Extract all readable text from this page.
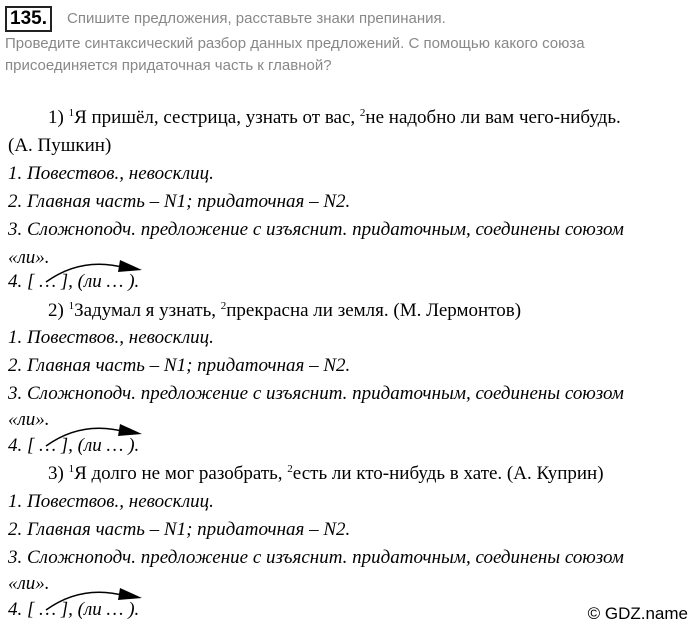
135.	Спишите предложения, расставьте знаки препинания.

Проведите синтаксический разбор данных предложений. С помощью какого союза присоединяется придаточная часть к главной?

1) $^1$Я пришёл, сестрица, узнать от вас, $^2$не надобно ли вам чего-нибудь.
(А. Пушкин)
1. Повествов., невосклиц.
2. Главная часть – N1; придаточная – N2.
3. Сложноподч. предложение с изъяснит. придаточным, соединены союзом
«ли».
4. [ … ], (ли … ).
2) $^1$Задумал я узнать, $^2$прекрасна ли земля. (М. Лермонтов)
1. Повествов., невосклиц.
2. Главная часть – N1; придаточная – N2.
3. Сложноподч. предложение с изъяснит. придаточным, соединены союзом
«ли».
4. [ … ], (ли … ).
3) $^1$Я долго не мог разобрать, $^2$есть ли кто-нибудь в хате. (А. Куприн)
1. Повествов., невосклиц.
2. Главная часть – N1; придаточная – N2.
3. Сложноподч. предложение с изъяснит. придаточным, соединены союзом
«ли».
4. [ … ], (ли … ).	© GDZ.name
